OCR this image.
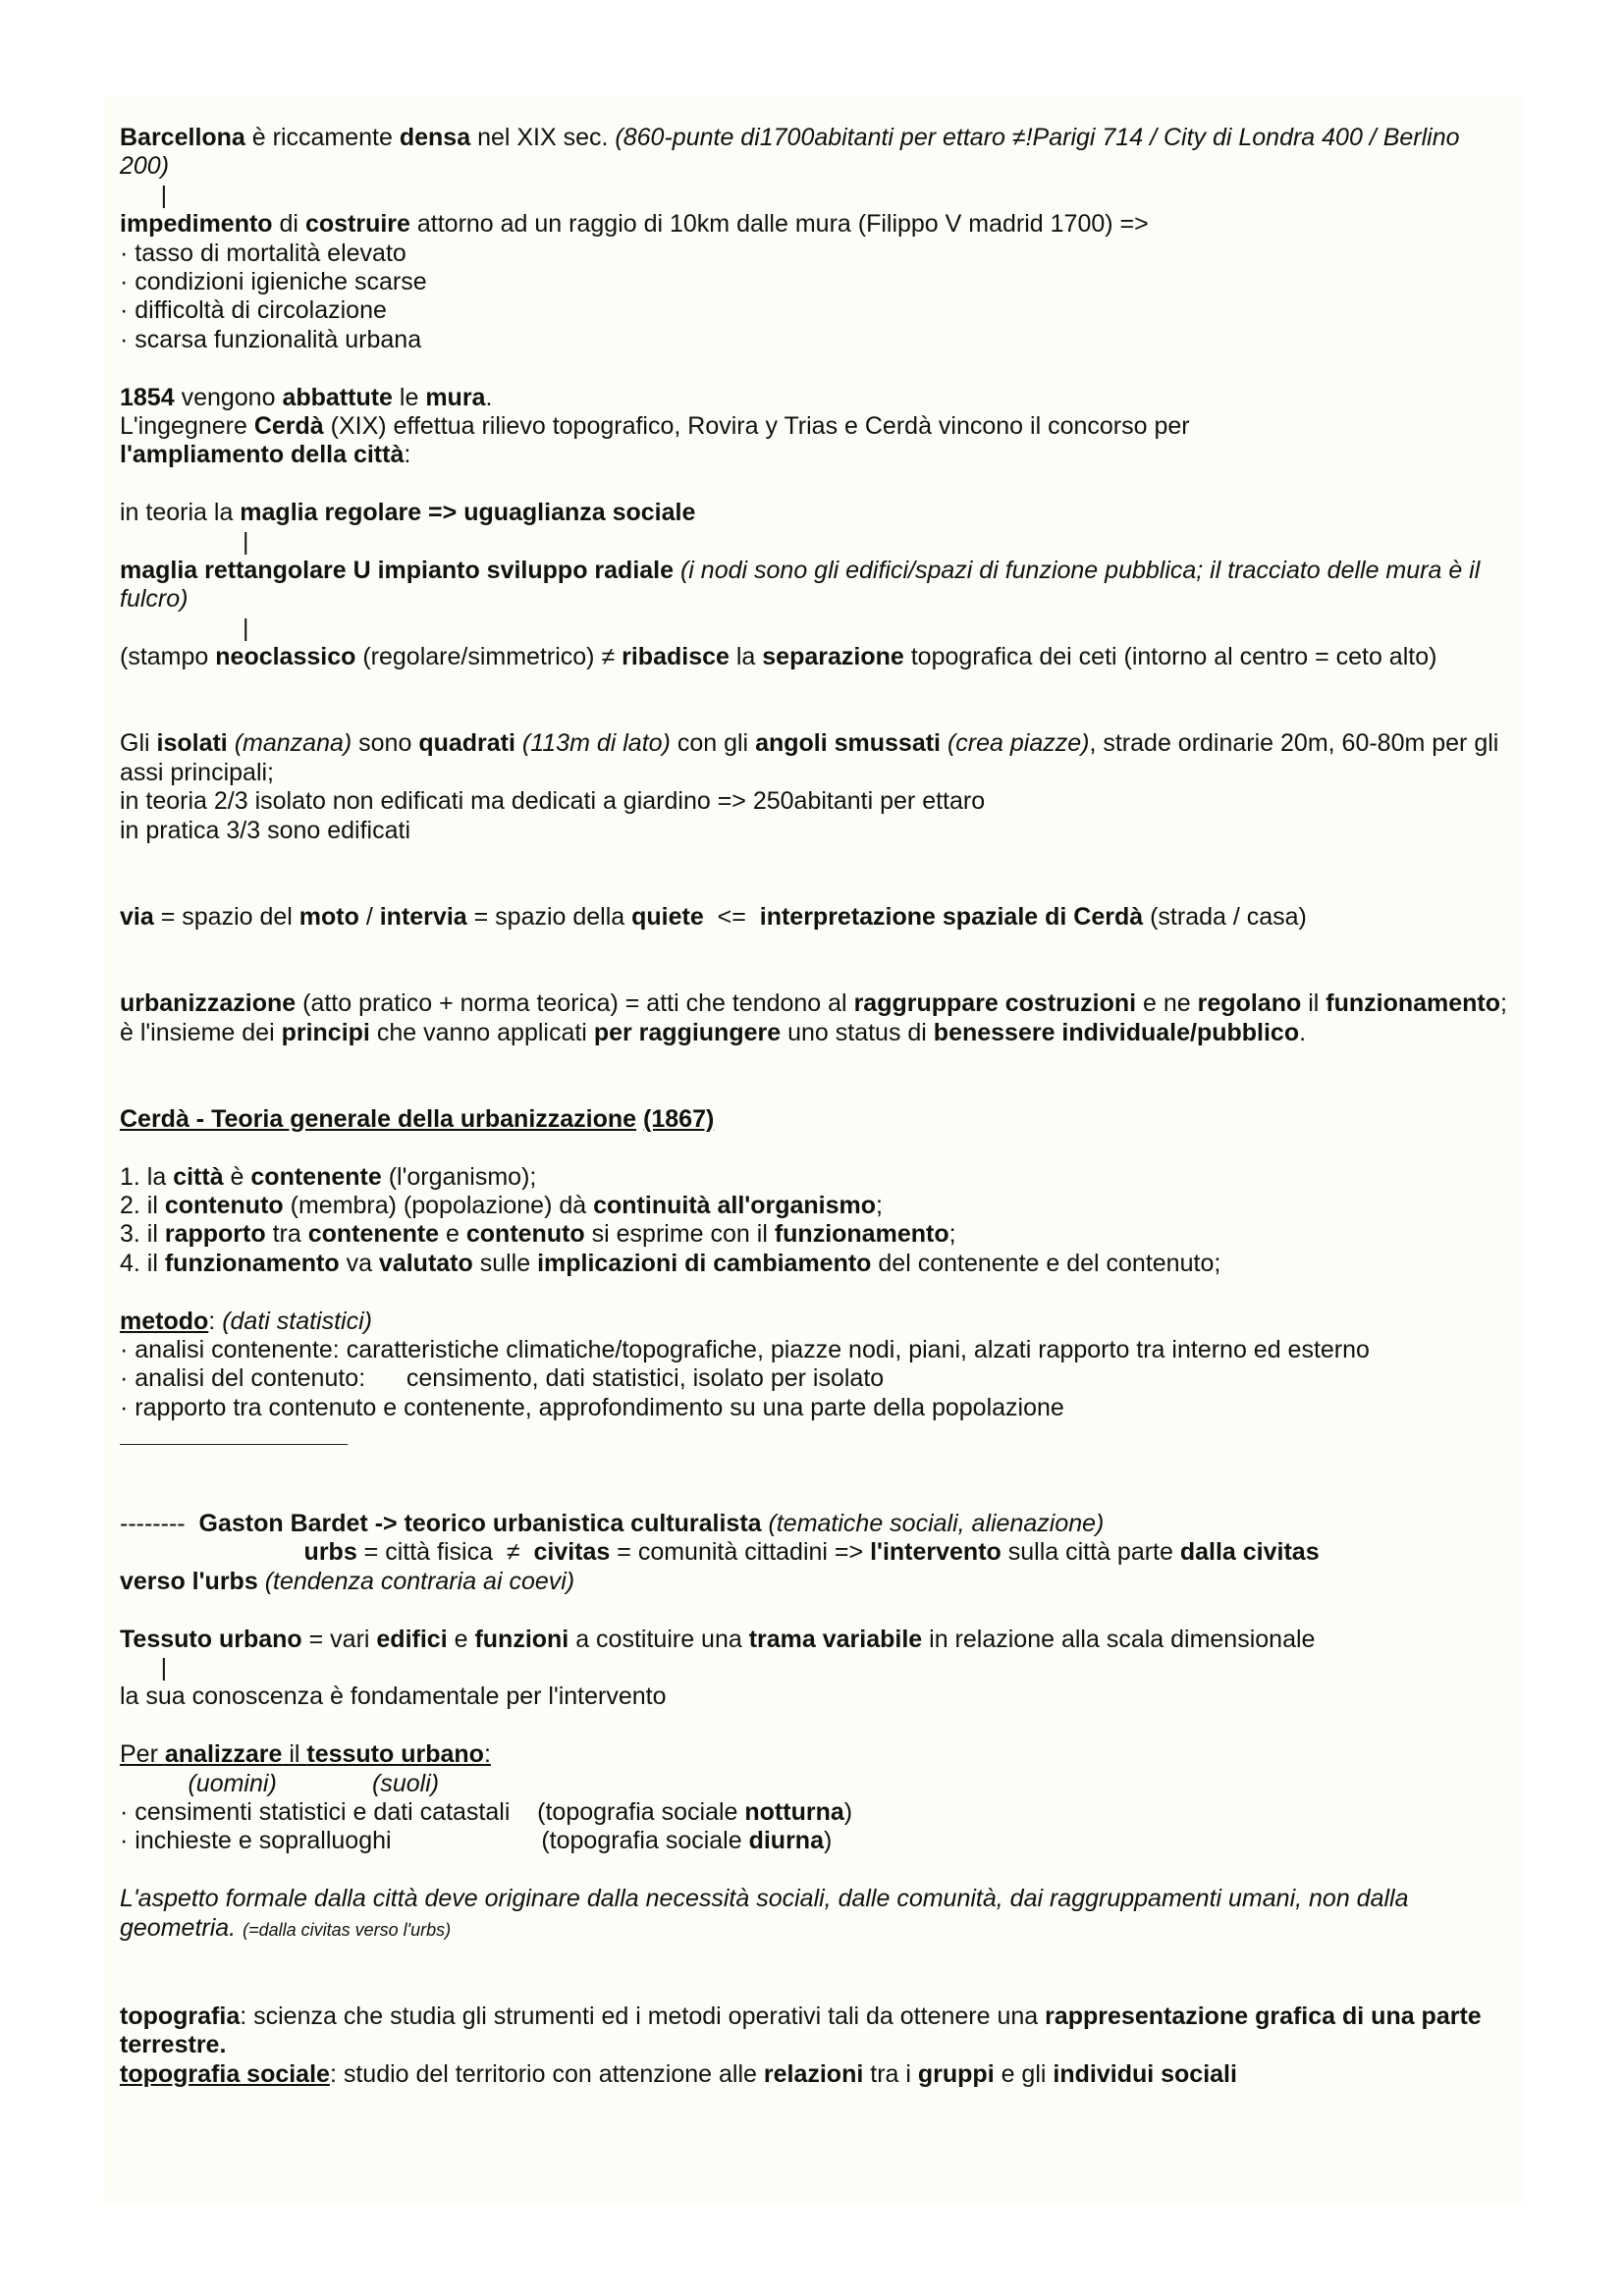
Barcellona è riccamente densa nel XIX sec. (860-punte di1700abitanti per ettaro ≠!Parigi 714 / City di Londra 400 / Berlino 200)
|
impedimento di costruire attorno ad un raggio di 10km dalle mura (Filippo V madrid 1700) =>
· tasso di mortalità elevato
· condizioni igieniche scarse
· difficoltà di circolazione
· scarsa funzionalità urbana
1854 vengono abbattute le mura.
L'ingegnere Cerdà (XIX) effettua rilievo topografico, Rovira y Trias e Cerdà vincono il concorso per
l'ampliamento della città:
in teoria la maglia regolare => uguaglianza sociale
|
maglia rettangolare U impianto sviluppo radiale (i nodi sono gli edifici/spazi di funzione pubblica; il tracciato delle mura è il fulcro)
|
(stampo neoclassico (regolare/simmetrico) ≠ ribadisce la separazione topografica dei ceti (intorno al centro = ceto alto)
Gli isolati (manzana) sono quadrati (113m di lato) con gli angoli smussati (crea piazze), strade ordinarie 20m, 60-80m per gli assi principali;
in teoria 2/3 isolato non edificati ma dedicati a giardino => 250abitanti per ettaro
in pratica 3/3 sono edificati
via = spazio del moto / intervia = spazio della quiete  <=  interpretazione spaziale di Cerdà (strada / casa)
urbanizzazione (atto pratico + norma teorica) = atti che tendono al raggruppare costruzioni e ne regolano il funzionamento; è l'insieme dei principi che vanno applicati per raggiungere uno status di benessere individuale/pubblico.
Cerdà - Teoria generale della urbanizzazione (1867)
1. la città è contenente (l'organismo);
2. il contenuto (membra) (popolazione) dà continuità all'organismo;
3. il rapporto tra contenente e contenuto si esprime con il funzionamento;
4. il funzionamento va valutato sulle implicazioni di cambiamento del contenente e del contenuto;
metodo: (dati statistici)
· analisi contenente: caratteristiche climatiche/topografiche, piazze nodi, piani, alzati rapporto tra interno ed esterno
· analisi del contenuto:      censimento, dati statistici, isolato per isolato
· rapporto tra contenuto e contenente, approfondimento su una parte della popolazione
--------  Gaston Bardet -> teorico urbanistica culturalista (tematiche sociali, alienazione)
urbs = città fisica  ≠  civitas = comunità cittadini => l'intervento sulla città parte dalla civitas
verso l'urbs (tendenza contraria ai coevi)
Tessuto urbano = vari edifici e funzioni a costituire una trama variabile in relazione alla scala dimensionale
|
la sua conoscenza è fondamentale per l'intervento
Per analizzare il tessuto urbano:
(uomini)	(suoli)
· censimenti statistici e dati catastali    (topografia sociale notturna)
· inchieste e sopralluoghi                      (topografia sociale diurna)
L'aspetto formale dalla città deve originare dalla necessità sociali, dalle comunità, dai raggruppamenti umani, non dalla geometria. (=dalla civitas verso l'urbs)
topografia: scienza che studia gli strumenti ed i metodi operativi tali da ottenere una rappresentazione grafica di una parte terrestre.
topografia sociale: studio del territorio con attenzione alle relazioni tra i gruppi e gli individui sociali
